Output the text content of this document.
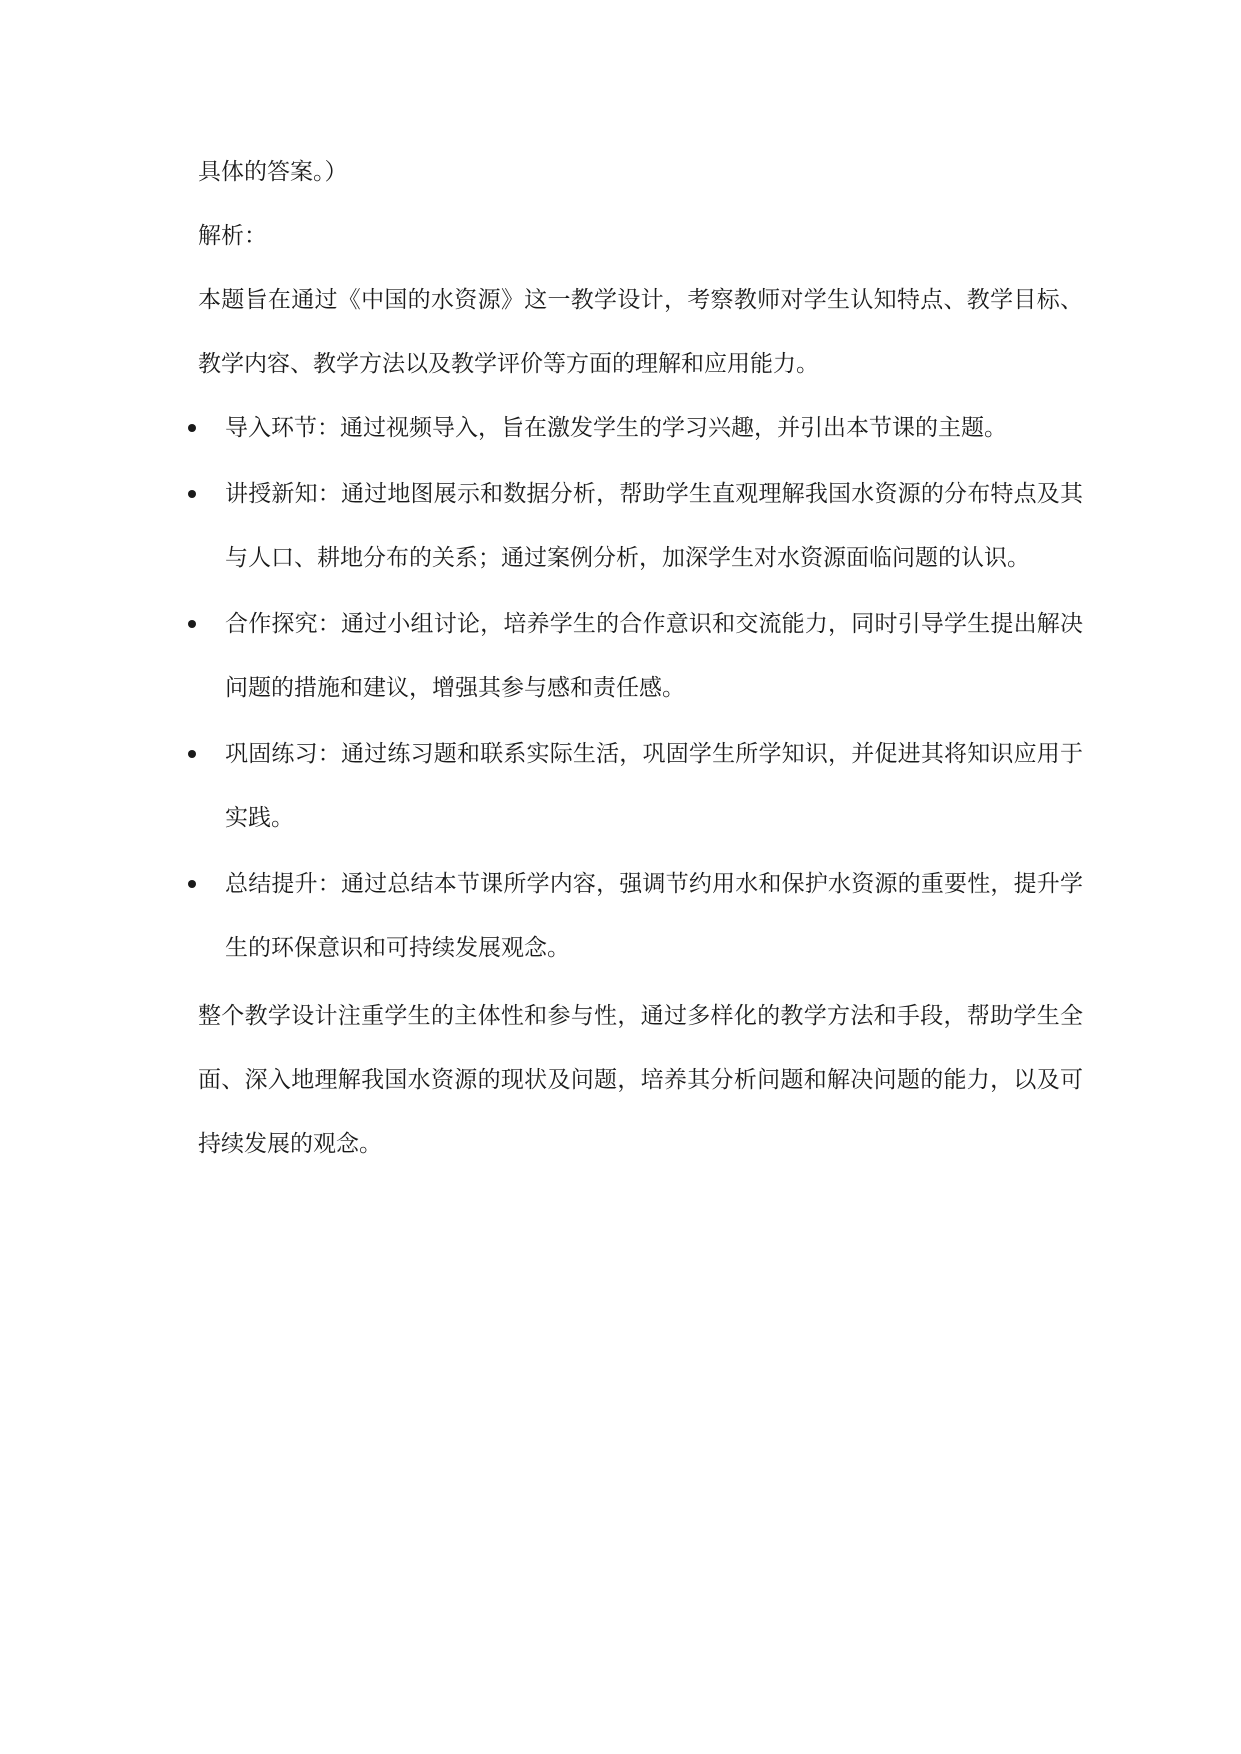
具体的答案。）

解析：

本题旨在通过《中国的水资源》这一教学设计，考察教师对学生认知特点、教学目标、教学内容、教学方法以及教学评价等方面的理解和应用能力。

导入环节：通过视频导入，旨在激发学生的学习兴趣，并引出本节课的主题。
讲授新知：通过地图展示和数据分析，帮助学生直观理解我国水资源的分布特点及其与人口、耕地分布的关系；通过案例分析，加深学生对水资源面临问题的认识。
合作探究：通过小组讨论，培养学生的合作意识和交流能力，同时引导学生提出解决问题的措施和建议，增强其参与感和责任感。
巩固练习：通过练习题和联系实际生活，巩固学生所学知识，并促进其将知识应用于实践。
总结提升：通过总结本节课所学内容，强调节约用水和保护水资源的重要性，提升学生的环保意识和可持续发展观念。

整个教学设计注重学生的主体性和参与性，通过多样化的教学方法和手段，帮助学生全面、深入地理解我国水资源的现状及问题，培养其分析问题和解决问题的能力，以及可持续发展的观念。
